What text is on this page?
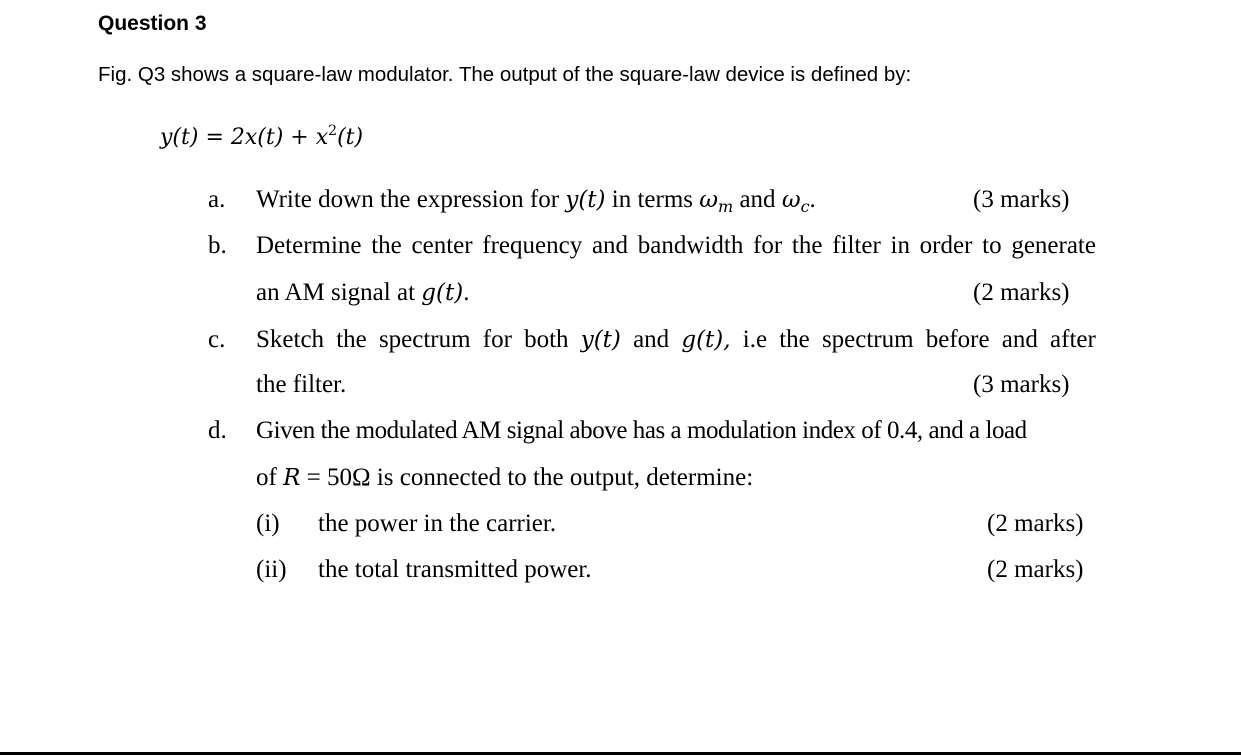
Question 3
Fig. Q3 shows a square-law modulator. The output of the square-law device is defined by:
$y(t) = 2x(t) + x^2(t)$
a. Write down the expression for y(t) in terms $\omega_m$ and $\omega_c$.	(3 marks)
b. Determine the center frequency and bandwidth for the filter in order to generate
an AM signal at g(t).	(2 marks)
c. Sketch the spectrum for both y(t) and g(t), i.e the spectrum before and after
the filter.	(3 marks)
d. Given the modulated AM signal above has a modulation index of 0.4, and a load
of R = 50Ω is connected to the output, determine:
(i) the power in the carrier.	(2 marks)
(ii) the total transmitted power.	(2 marks)
